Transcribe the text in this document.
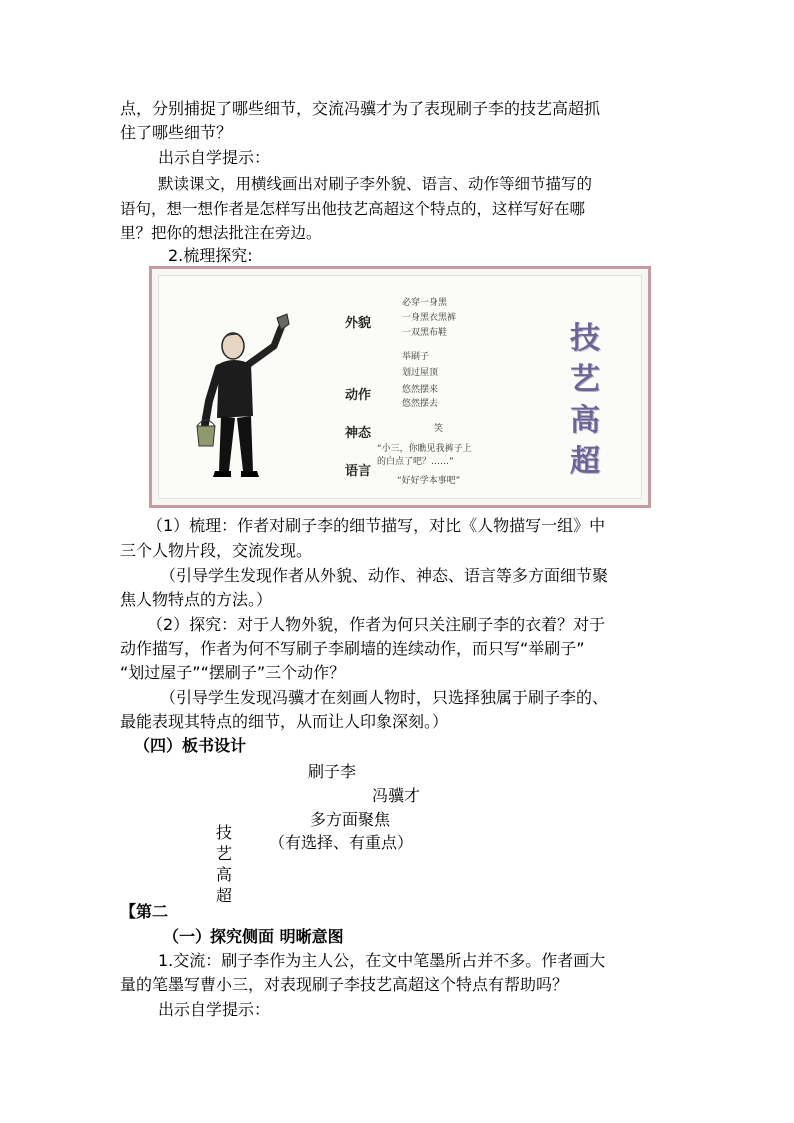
点，分别捕捉了哪些细节，交流冯骥才为了表现刷子李的技艺高超抓
住了哪些细节？
出示自学提示：
默读课文，用横线画出对刷子李外貌、语言、动作等细节描写的
语句，想一想作者是怎样写出他技艺高超这个特点的，这样写好在哪
里？把你的想法批注在旁边。
2.梳理探究:
外貌
动作
神态
语言
必穿一身黑
一身黑衣黑裤
一双黑布鞋
举刷子
划过屋顶
悠然摆来
悠然摆去
笑
“小三，你瞧见我裤子上
的白点了吧？……”
“好好学本事吧”
技
艺
高
超
（1）梳理：作者对刷子李的细节描写，对比《人物描写一组》中
三个人物片段，交流发现。
（引导学生发现作者从外貌、动作、神态、语言等多方面细节聚
焦人物特点的方法。）
（2）探究：对于人物外貌，作者为何只关注刷子李的衣着？对于
动作描写，作者为何不写刷子李刷墙的连续动作，而只写“举刷子”
“划过屋子”“摆刷子”三个动作？
（引导学生发现冯骥才在刻画人物时，只选择独属于刷子李的、
最能表现其特点的细节，从而让人印象深刻。）
（四）板书设计
刷子李
冯骥才
多方面聚焦
（有选择、有重点）
技
艺
高
超
【第二
（一）
探究侧面 明晰意图
1.交流：刷子李作为主人公，在文中笔墨所占并不多。作者画大
量的笔墨写曹小三，对表现刷子李技艺高超这个特点有帮助吗？
出示自学提示：
